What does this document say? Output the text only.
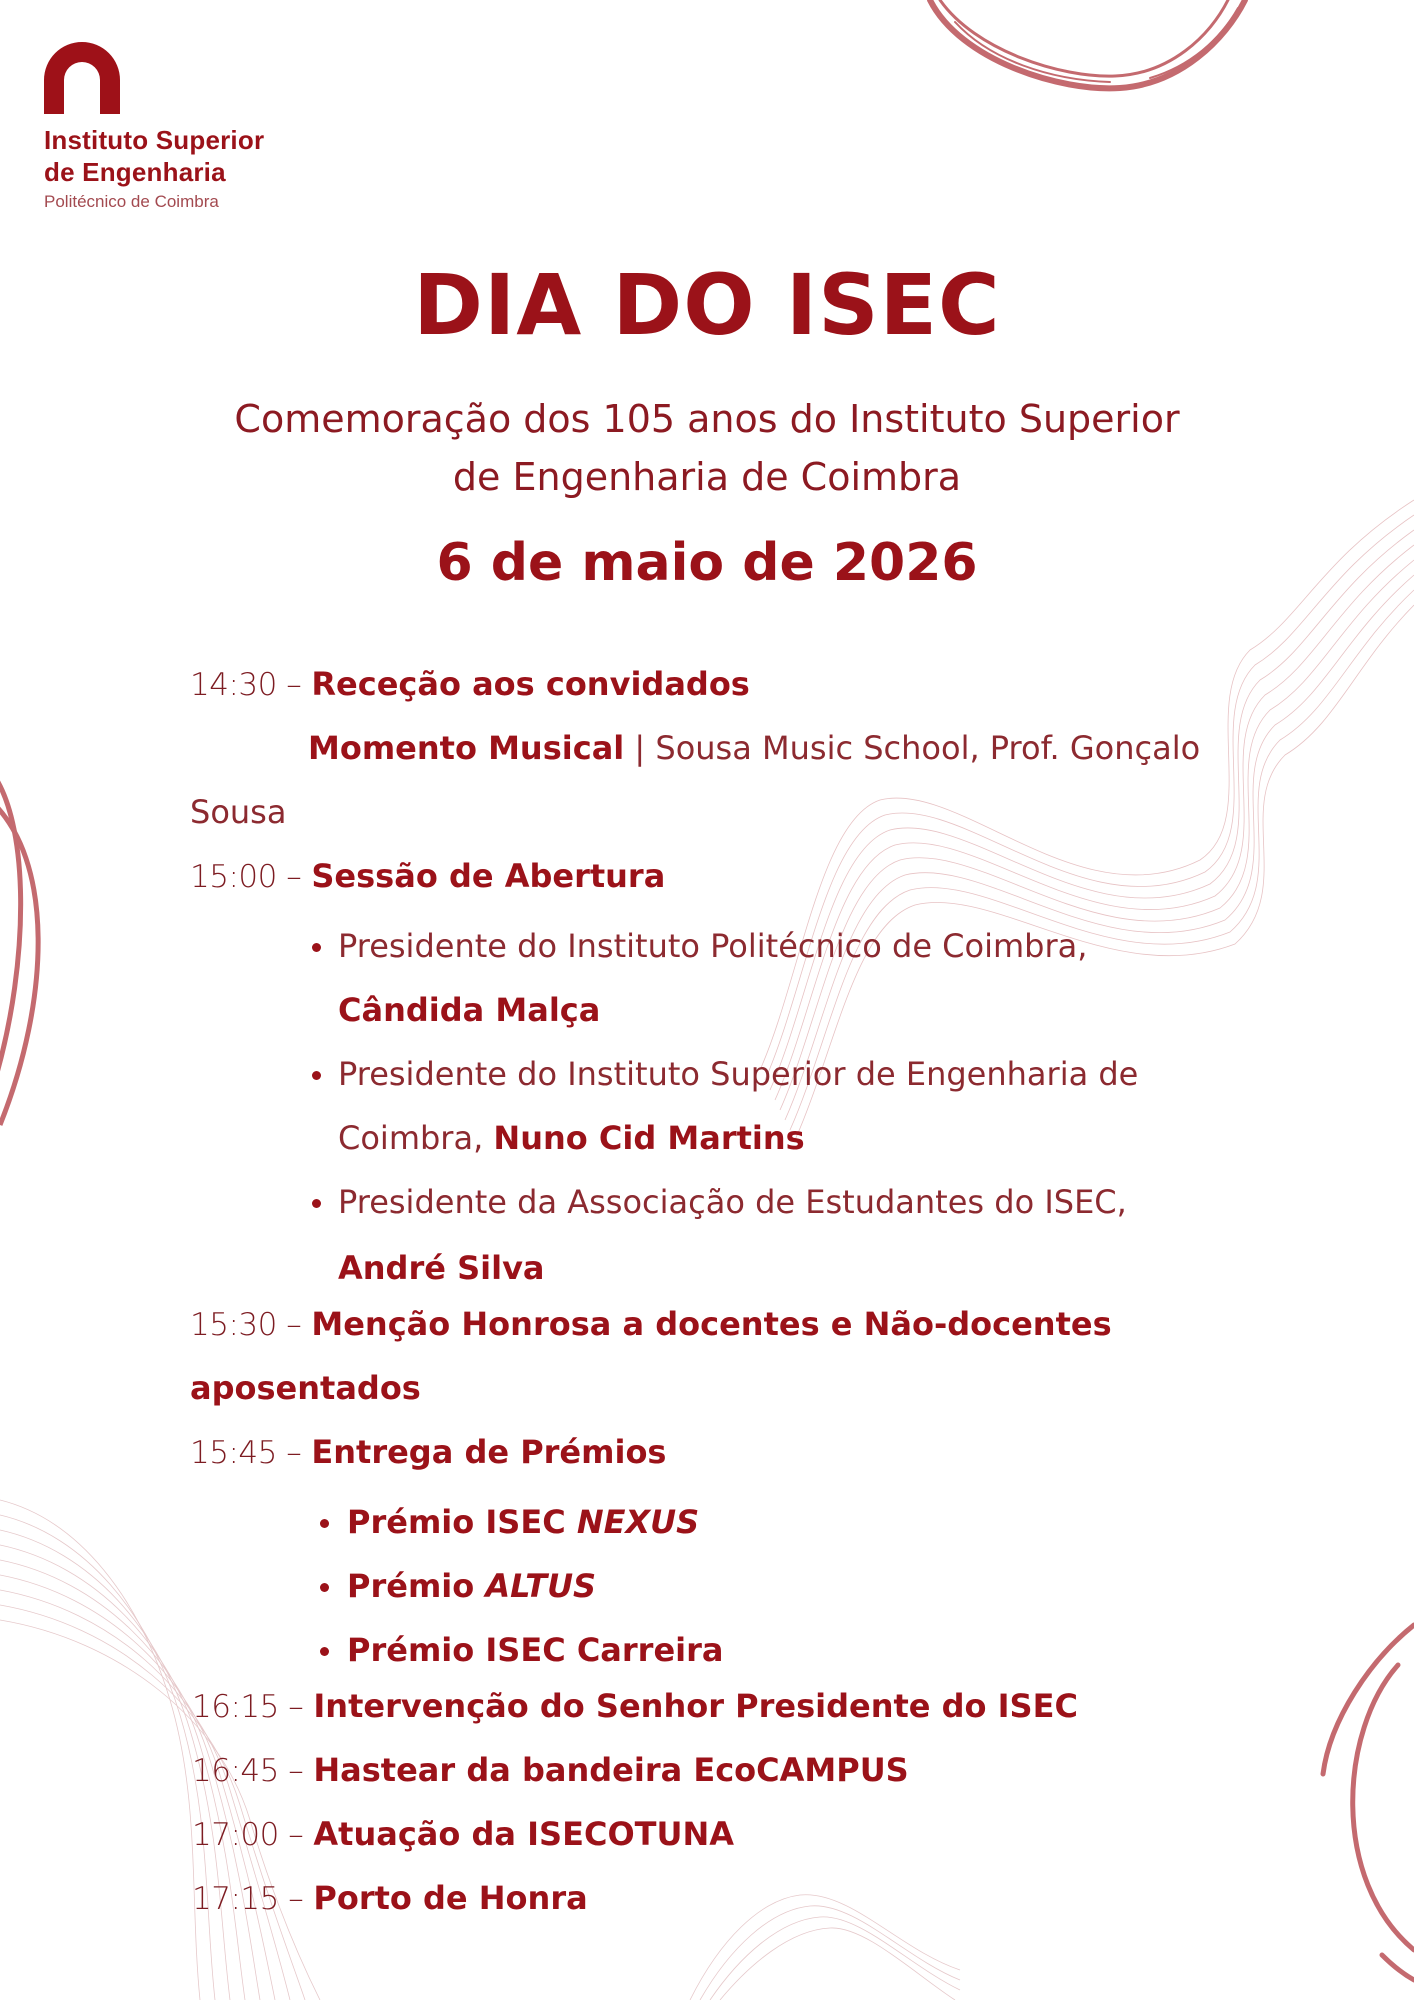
Instituto Superior
de Engenharia
Politécnico de Coimbra
DIA DO ISEC
Comemoração dos 105 anos do Instituto Superior
de Engenharia de Coimbra
6 de maio de 2026
14:30 – Receção aos convidados
Momento Musical | Sousa Music School, Prof. Gonçalo
Sousa
15:00 – Sessão de Abertura
Presidente do Instituto Politécnico de Coimbra,
Cândida Malça
Presidente do Instituto Superior de Engenharia de
Coimbra, Nuno Cid Martins
Presidente da Associação de Estudantes do ISEC,
André Silva
15:30 – Menção Honrosa a docentes e Não-docentes
aposentados
15:45 – Entrega de Prémios
Prémio ISEC NEXUS
Prémio ALTUS
Prémio ISEC Carreira
16:15 – Intervenção do Senhor Presidente do ISEC
16:45 – Hastear da bandeira EcoCAMPUS
17:00 – Atuação da ISECOTUNA
17:15 – Porto de Honra
